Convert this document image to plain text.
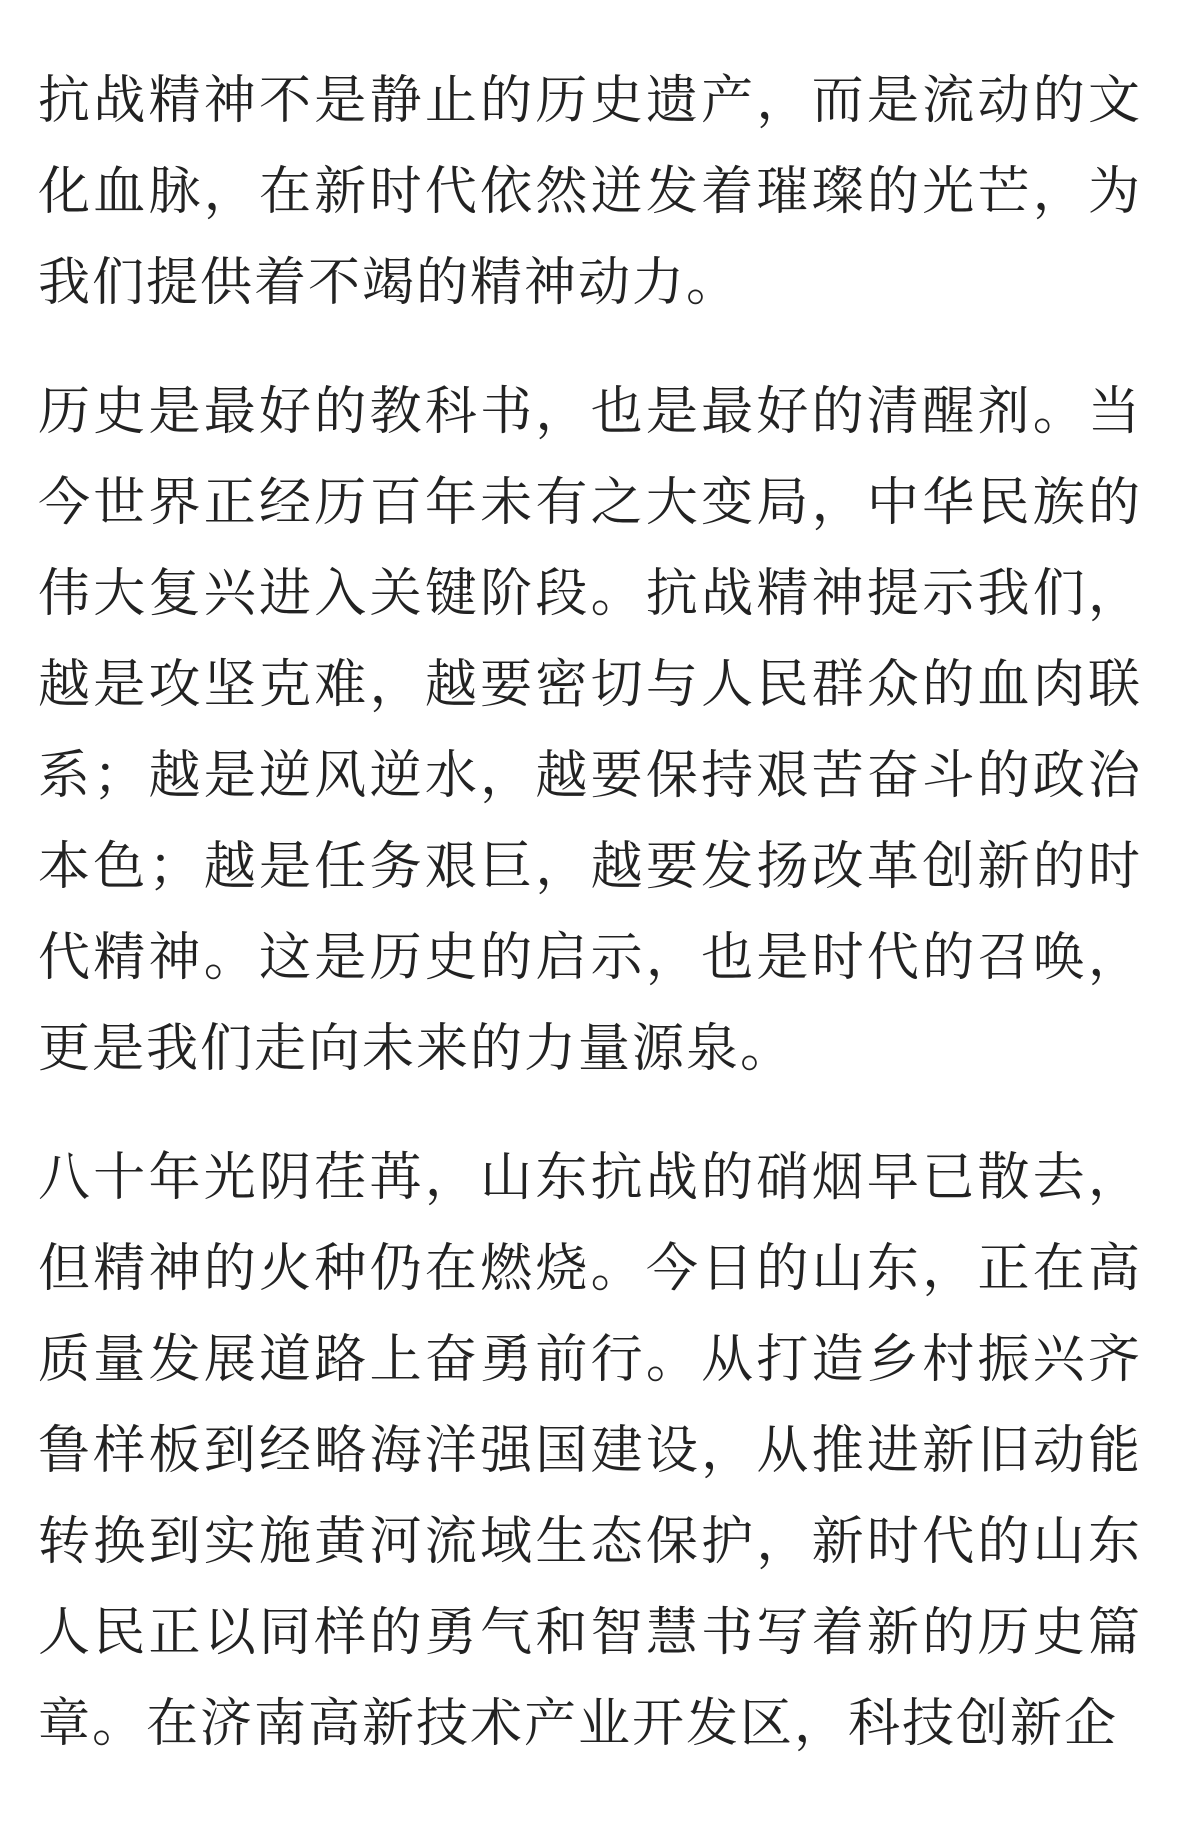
抗战精神不是静止的历史遗产，而是流动的文化血脉，在新时代依然迸发着璀璨的光芒，为我们提供着不竭的精神动力。

历史是最好的教科书，也是最好的清醒剂。当今世界正经历百年未有之大变局，中华民族的伟大复兴进入关键阶段。抗战精神提示我们，越是攻坚克难，越要密切与人民群众的血肉联系；越是逆风逆水，越要保持艰苦奋斗的政治本色；越是任务艰巨，越要发扬改革创新的时代精神。这是历史的启示，也是时代的召唤，更是我们走向未来的力量源泉。

八十年光阴荏苒，山东抗战的硝烟早已散去，但精神的火种仍在燃烧。今日的山东，正在高质量发展道路上奋勇前行。从打造乡村振兴齐鲁样板到经略海洋强国建设，从推进新旧动能转换到实施黄河流域生态保护，新时代的山东人民正以同样的勇气和智慧书写着新的历史篇章。在济南高新技术产业开发区，科技创新企
